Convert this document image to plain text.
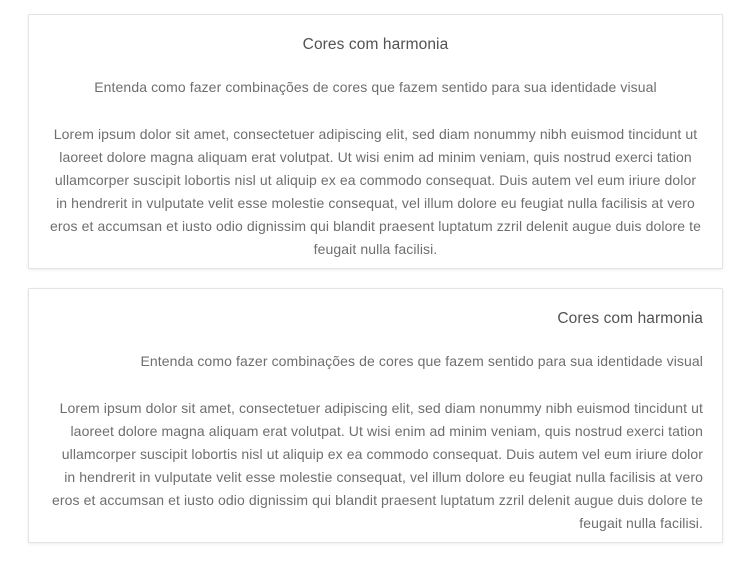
Cores com harmonia

Entenda como fazer combinações de cores que fazem sentido para sua identidade visual

Lorem ipsum dolor sit amet, consectetuer adipiscing elit, sed diam nonummy nibh euismod tincidunt ut laoreet dolore magna aliquam erat volutpat. Ut wisi enim ad minim veniam, quis nostrud exerci tation ullamcorper suscipit lobortis nisl ut aliquip ex ea commodo consequat. Duis autem vel eum iriure dolor in hendrerit in vulputate velit esse molestie consequat, vel illum dolore eu feugiat nulla facilisis at vero eros et accumsan et iusto odio dignissim qui blandit praesent luptatum zzril delenit augue duis dolore te feugait nulla facilisi.

Cores com harmonia

Entenda como fazer combinações de cores que fazem sentido para sua identidade visual

Lorem ipsum dolor sit amet, consectetuer adipiscing elit, sed diam nonummy nibh euismod tincidunt ut laoreet dolore magna aliquam erat volutpat. Ut wisi enim ad minim veniam, quis nostrud exerci tation ullamcorper suscipit lobortis nisl ut aliquip ex ea commodo consequat. Duis autem vel eum iriure dolor in hendrerit in vulputate velit esse molestie consequat, vel illum dolore eu feugiat nulla facilisis at vero eros et accumsan et iusto odio dignissim qui blandit praesent luptatum zzril delenit augue duis dolore te feugait nulla facilisi.
